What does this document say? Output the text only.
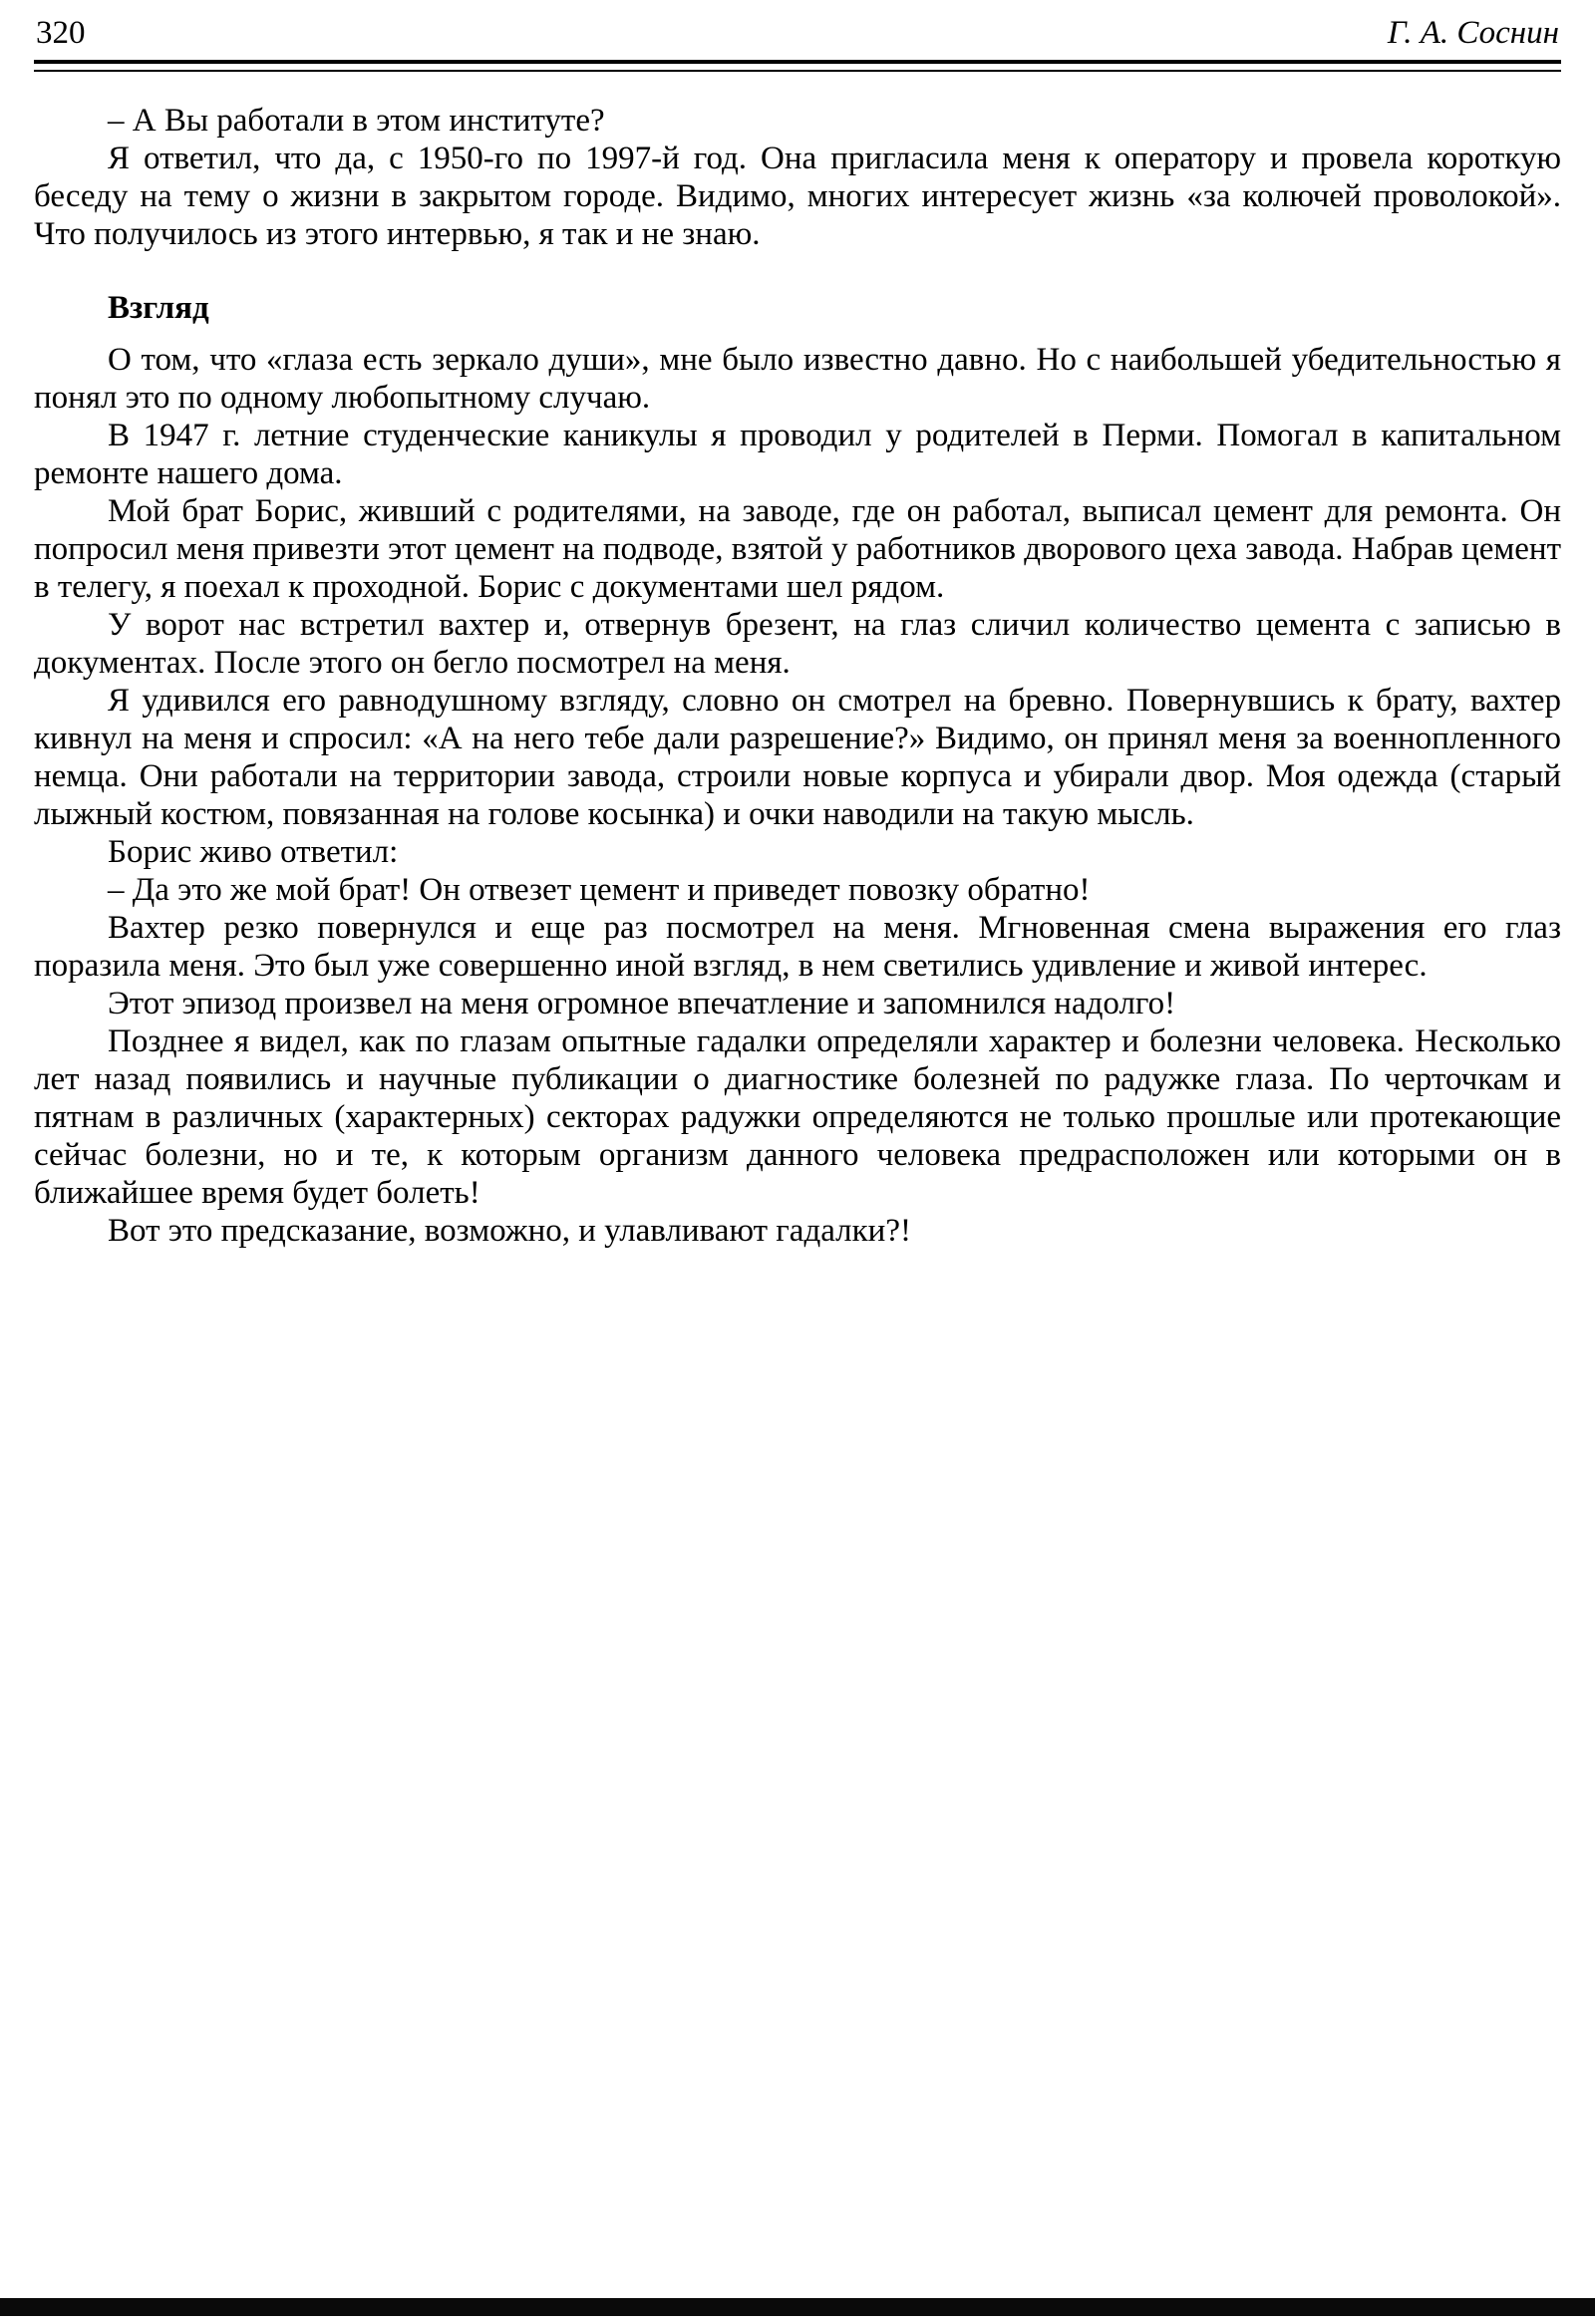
320	Г. А. Соснин

– А Вы работали в этом институте?

Я ответил, что да, с 1950-го по 1997-й год. Она пригласила меня к оператору и провела короткую беседу на тему о жизни в закрытом городе. Видимо, многих интересует жизнь «за колючей проволокой». Что получилось из этого интервью, я так и не знаю.

Взгляд

О том, что «глаза есть зеркало души», мне было известно давно. Но с наибольшей убедительностью я понял это по одному любопытному случаю.

В 1947 г. летние студенческие каникулы я проводил у родителей в Перми. Помогал в капитальном ремонте нашего дома.

Мой брат Борис, живший с родителями, на заводе, где он работал, выписал цемент для ремонта. Он попросил меня привезти этот цемент на подводе, взятой у работников дворового цеха завода. Набрав цемент в телегу, я поехал к проходной. Борис с документами шел рядом.

У ворот нас встретил вахтер и, отвернув брезент, на глаз сличил количество цемента с записью в документах. После этого он бегло посмотрел на меня.

Я удивился его равнодушному взгляду, словно он смотрел на бревно. Повернувшись к брату, вахтер кивнул на меня и спросил: «А на него тебе дали разрешение?» Видимо, он принял меня за военнопленного немца. Они работали на территории завода, строили новые корпуса и убирали двор. Моя одежда (старый лыжный костюм, повязанная на голове косынка) и очки наводили на такую мысль.

Борис живо ответил:

– Да это же мой брат! Он отвезет цемент и приведет повозку обратно!

Вахтер резко повернулся и еще раз посмотрел на меня. Мгновенная смена выражения его глаз поразила меня. Это был уже совершенно иной взгляд, в нем светились удивление и живой интерес.

Этот эпизод произвел на меня огромное впечатление и запомнился надолго!

Позднее я видел, как по глазам опытные гадалки определяли характер и болезни человека. Несколько лет назад появились и научные публикации о диагностике болезней по радужке глаза. По черточкам и пятнам в различных (характерных) секторах радужки определяются не только прошлые или протекающие сейчас болезни, но и те, к которым организм данного человека предрасположен или которыми он в ближайшее время будет болеть!

Вот это предсказание, возможно, и улавливают гадалки?!
